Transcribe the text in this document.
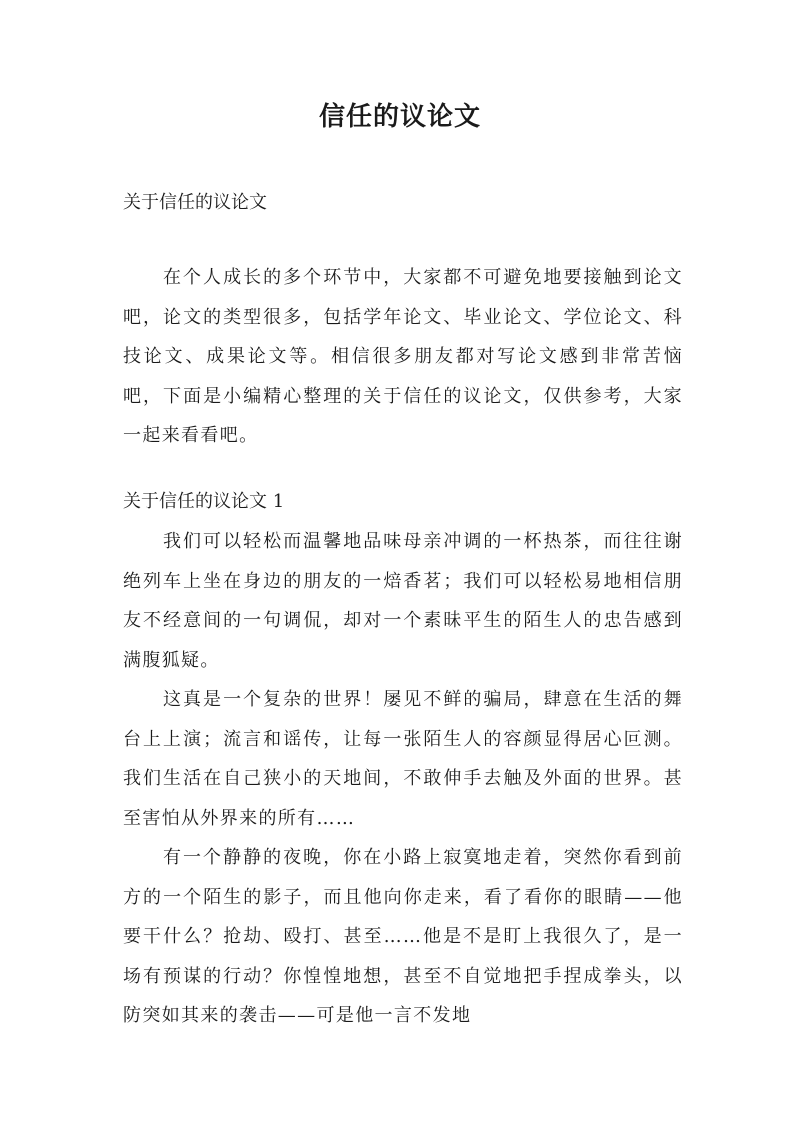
信任的议论文

关于信任的议论文

在个人成长的多个环节中，大家都不可避免地要接触到论文吧，论文的类型很多，包括学年论文、毕业论文、学位论文、科技论文、成果论文等。相信很多朋友都对写论文感到非常苦恼吧，下面是小编精心整理的关于信任的议论文，仅供参考，大家一起来看看吧。

关于信任的议论文 1

我们可以轻松而温馨地品味母亲冲调的一杯热茶，而往往谢绝列车上坐在身边的朋友的一焙香茗；我们可以轻松易地相信朋友不经意间的一句调侃，却对一个素昧平生的陌生人的忠告感到满腹狐疑。

这真是一个复杂的世界！屡见不鲜的骗局，肆意在生活的舞台上上演；流言和谣传，让每一张陌生人的容颜显得居心叵测。我们生活在自己狭小的天地间，不敢伸手去触及外面的世界。甚至害怕从外界来的所有……

有一个静静的夜晚，你在小路上寂寞地走着，突然你看到前方的一个陌生的影子，而且他向你走来，看了看你的眼睛——他要干什么？抢劫、殴打、甚至……他是不是盯上我很久了，是一场有预谋的行动？你惶惶地想，甚至不自觉地把手捏成拳头，以防突如其来的袭击——可是他一言不发地
